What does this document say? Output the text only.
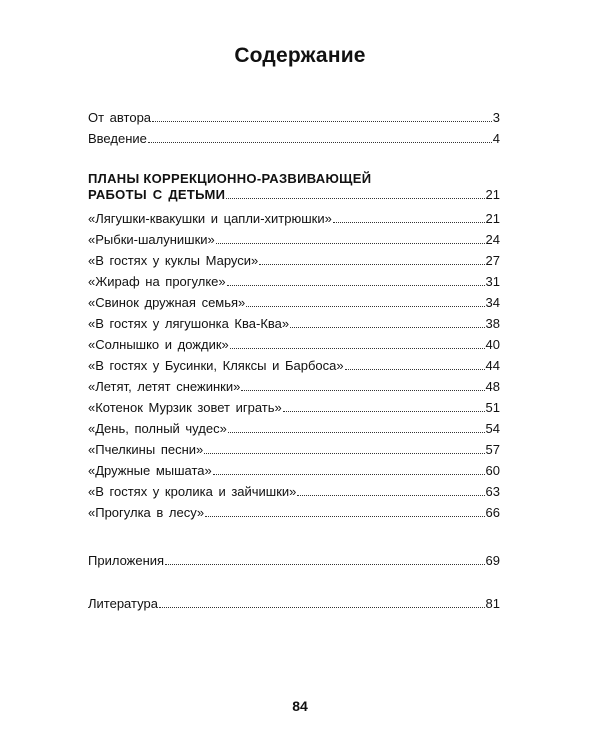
Содержание
От автора	3
Введение	4
ПЛАНЫ КОРРЕКЦИОННО-РАЗВИВАЮЩЕЙ
РАБОТЫ С ДЕТЬМИ	21
«Лягушки-квакушки и цапли-хитрюшки»	21
«Рыбки-шалунишки»	24
«В гостях у куклы Маруси»	27
«Жираф на прогулке»	31
«Свинок дружная семья»	34
«В гостях у лягушонка Ква-Ква»	38
«Солнышко и дождик»	40
«В гостях у Бусинки, Кляксы и Барбоса»	44
«Летят, летят снежинки»	48
«Котенок Мурзик зовет играть»	51
«День, полный чудес»	54
«Пчелкины песни»	57
«Дружные мышата»	60
«В гостях у кролика и зайчишки»	63
«Прогулка в лесу»	66
Приложения	69
Литература	81
84
